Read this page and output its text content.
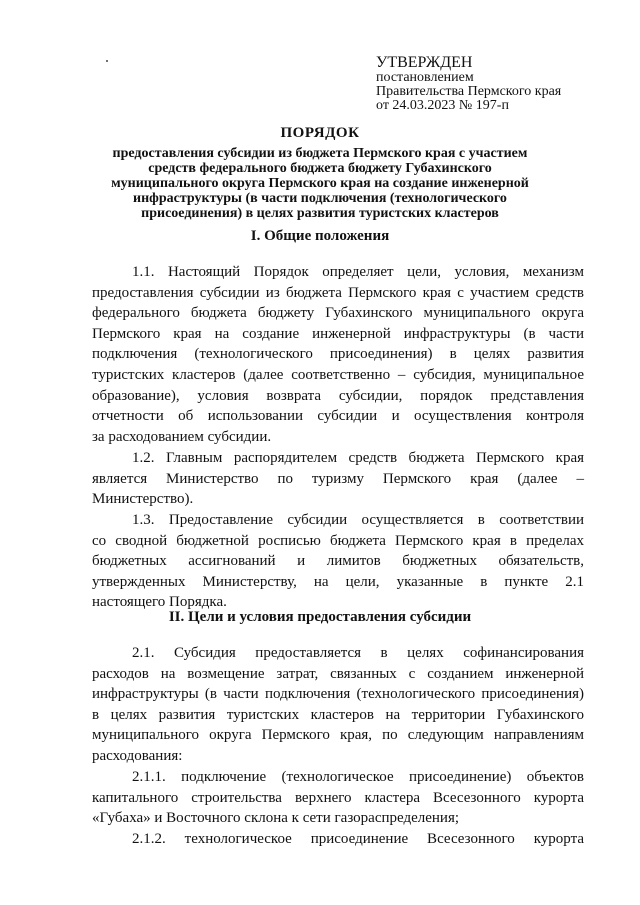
УТВЕРЖДЕН
постановлением
Правительства Пермского края
от 24.03.2023 № 197-п
ПОРЯДОК
предоставления субсидии из бюджета Пермского края с участием
средств федерального бюджета бюджету Губахинского
муниципального округа Пермского края на создание инженерной
инфраструктуры (в части подключения (технологического
присоединения) в целях развития туристских кластеров
I. Общие положения
1.1. Настоящий Порядок определяет цели, условия, механизм
предоставления субсидии из бюджета Пермского края с участием средств
федерального бюджета бюджету Губахинского муниципального округа
Пермского края на создание инженерной инфраструктуры (в части
подключения (технологического присоединения) в целях развития
туристских кластеров (далее соответственно – субсидия, муниципальное
образование), условия возврата субсидии, порядок представления
отчетности об использовании субсидии и осуществления контроля
за расходованием субсидии.
1.2. Главным распорядителем средств бюджета Пермского края
является Министерство по туризму Пермского края (далее –
Министерство).
1.3. Предоставление субсидии осуществляется в соответствии
со сводной бюджетной росписью бюджета Пермского края в пределах
бюджетных ассигнований и лимитов бюджетных обязательств,
утвержденных Министерству, на цели, указанные в пункте 2.1
настоящего Порядка.
II. Цели и условия предоставления субсидии
2.1. Субсидия предоставляется в целях софинансирования
расходов на возмещение затрат, связанных с созданием инженерной
инфраструктуры (в части подключения (технологического присоединения)
в целях развития туристских кластеров на территории Губахинского
муниципального округа Пермского края, по следующим направлениям
расходования:
2.1.1. подключение (технологическое присоединение) объектов
капитального строительства верхнего кластера Всесезонного курорта
«Губаха» и Восточного склона к сети газораспределения;
2.1.2. технологическое присоединение Всесезонного курорта
